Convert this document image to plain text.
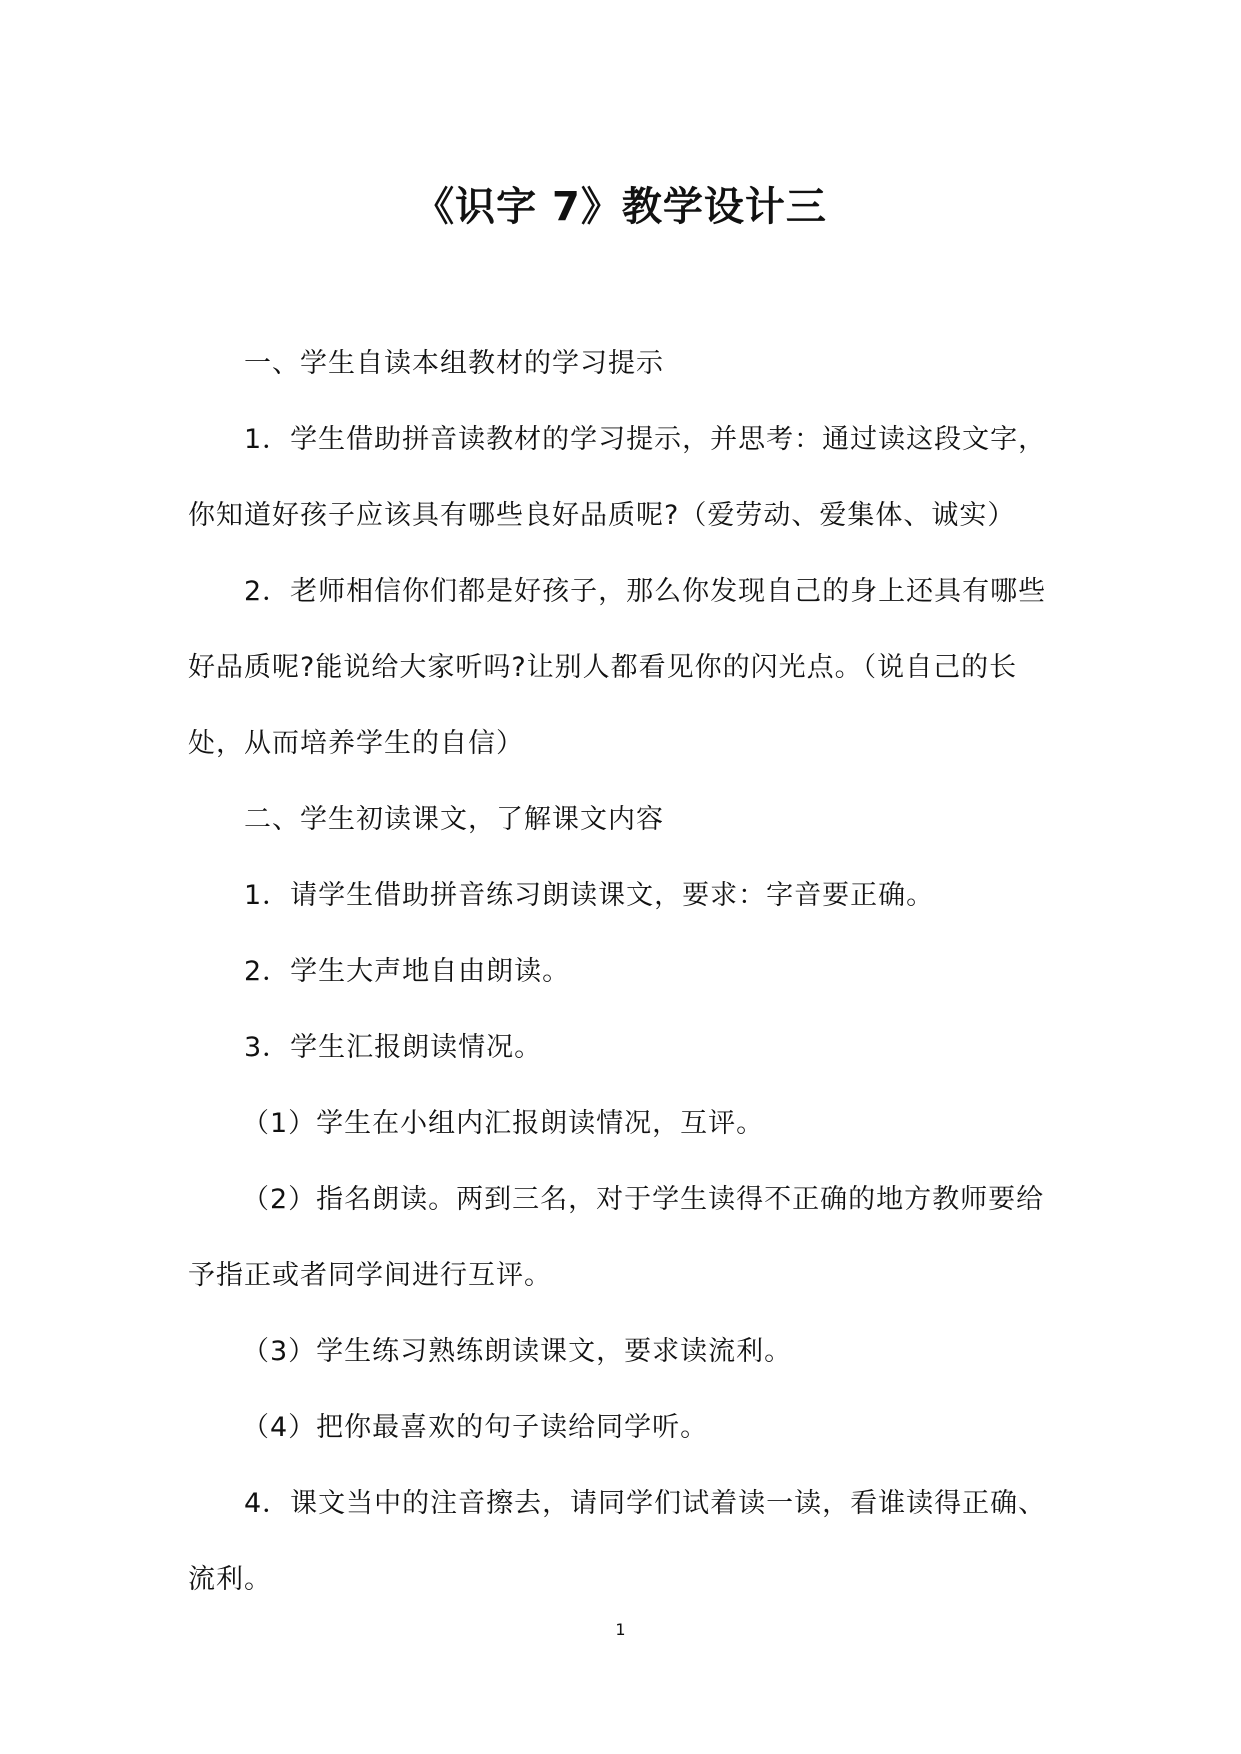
《识字 7》教学设计三

一、学生自读本组教材的学习提示

1．学生借助拼音读教材的学习提示，并思考：通过读这段文字，你知道好孩子应该具有哪些良好品质呢?（爱劳动、爱集体、诚实）

2．老师相信你们都是好孩子，那么你发现自己的身上还具有哪些好品质呢?能说给大家听吗?让别人都看见你的闪光点。（说自己的长处，从而培养学生的自信）

二、学生初读课文，了解课文内容

1．请学生借助拼音练习朗读课文，要求：字音要正确。

2．学生大声地自由朗读。

3．学生汇报朗读情况。

（1）学生在小组内汇报朗读情况，互评。

（2）指名朗读。两到三名，对于学生读得不正确的地方教师要给予指正或者同学间进行互评。

（3）学生练习熟练朗读课文，要求读流利。

（4）把你最喜欢的句子读给同学听。

4．课文当中的注音擦去，请同学们试着读一读，看谁读得正确、流利。

1
